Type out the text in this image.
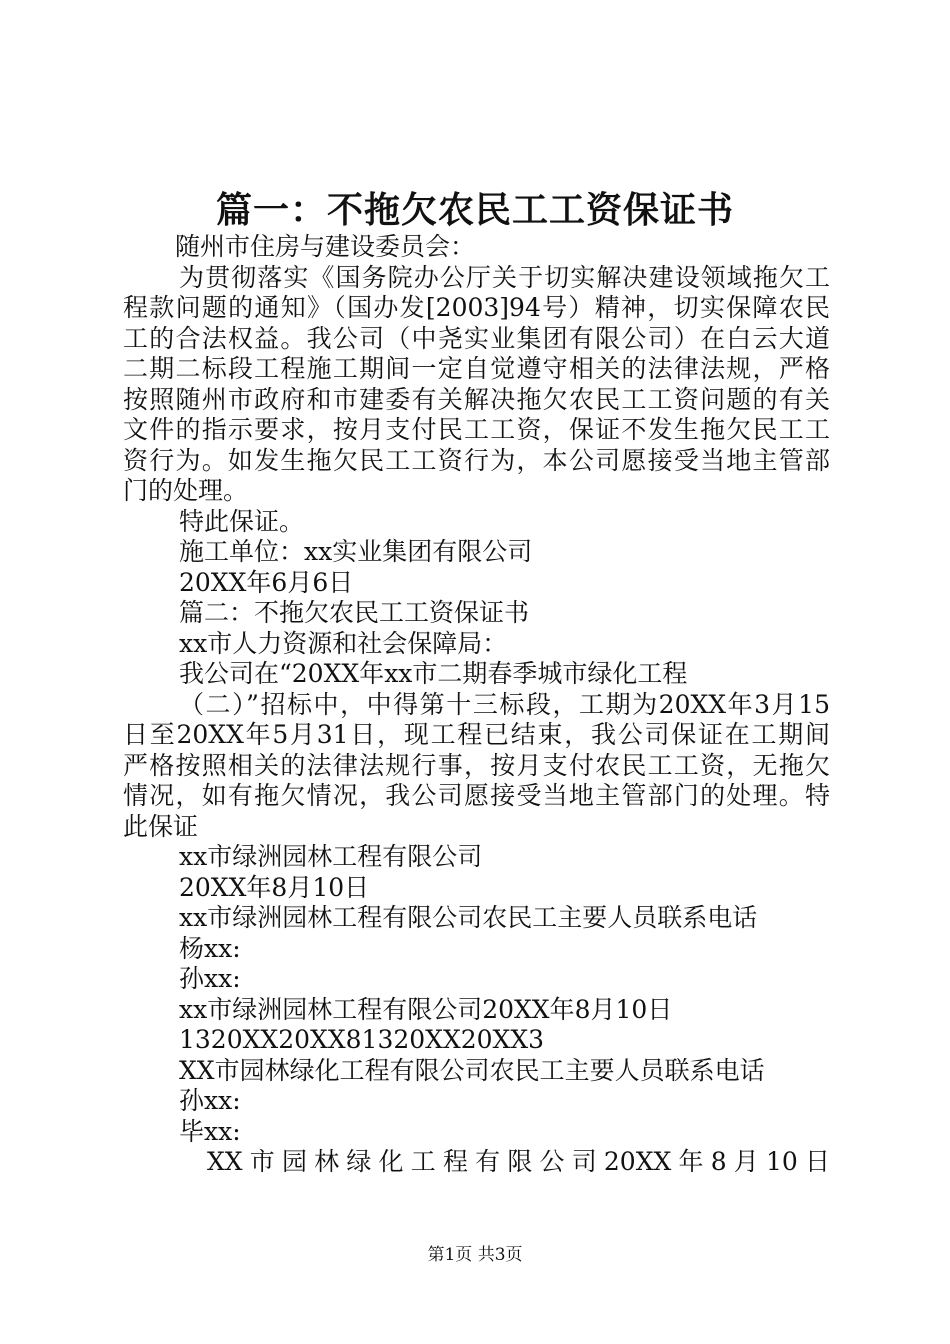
篇一：不拖欠农民工工资保证书

随州市住房与建设委员会：

为贯彻落实《国务院办公厅关于切实解决建设领域拖欠工

程款问题的通知》（国办发[2003]94号）精神，切实保障农民

工的合法权益。我公司（中尧实业集团有限公司）在白云大道

二期二标段工程施工期间一定自觉遵守相关的法律法规，严格

按照随州市政府和市建委有关解决拖欠农民工工资问题的有关

文件的指示要求，按月支付民工工资，保证不发生拖欠民工工

资行为。如发生拖欠民工工资行为，本公司愿接受当地主管部

门的处理。

特此保证。

施工单位：xx实业集团有限公司

20XX年6月6日

篇二：不拖欠农民工工资保证书

xx市人力资源和社会保障局：

我公司在“20XX年xx市二期春季城市绿化工程

（二）”招标中，中得第十三标段，工期为20XX年3月15

日至20XX年5月31日，现工程已结束，我公司保证在工期间

严格按照相关的法律法规行事，按月支付农民工工资，无拖欠

情况，如有拖欠情况，我公司愿接受当地主管部门的处理。特

此保证

xx市绿洲园林工程有限公司

20XX年8月10日

xx市绿洲园林工程有限公司农民工主要人员联系电话

杨xx:

孙xx:

xx市绿洲园林工程有限公司20XX年8月10日

1320XX20XX81320XX20XX3

XX市园林绿化工程有限公司农民工主要人员联系电话

孙xx:

毕xx:

XX市园林绿化工程有限公司20XX年8月10日

第1页 共3页
